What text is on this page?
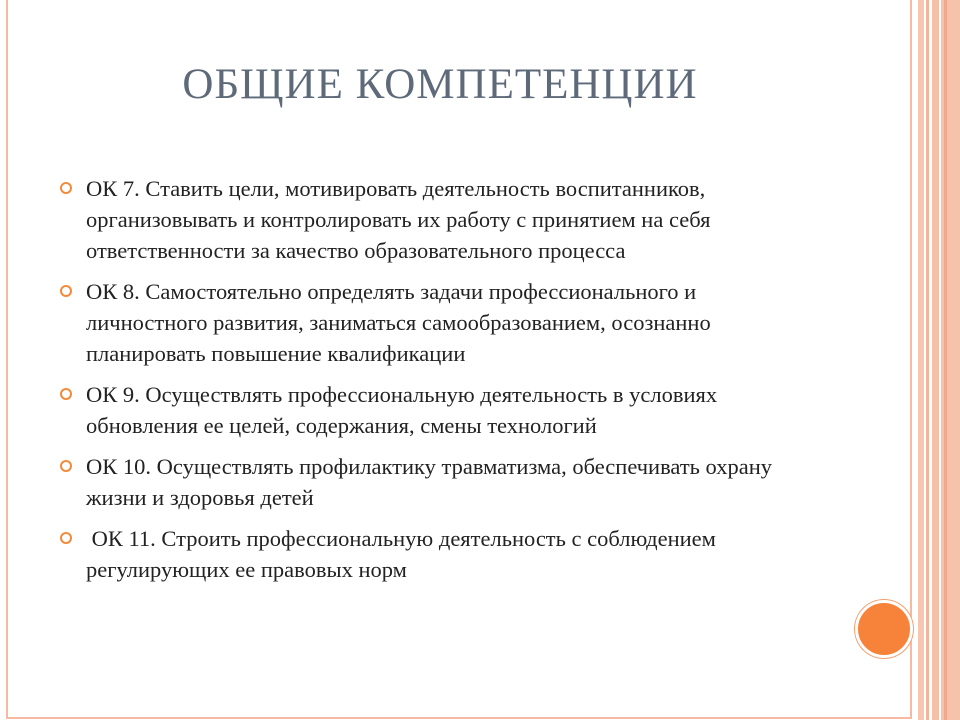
ОБЩИЕ КОМПЕТЕНЦИИ
ОК 7. Ставить цели, мотивировать деятельность воспитанников, организовывать и контролировать их работу с принятием на себя ответственности за качество образовательного процесса
ОК 8. Самостоятельно определять задачи профессионального и личностного развития, заниматься самообразованием, осознанно планировать повышение квалификации
ОК 9. Осуществлять профессиональную деятельность в условиях обновления ее целей, содержания, смены технологий
ОК 10. Осуществлять профилактику травматизма, обеспечивать охрану жизни и здоровья детей
ОК 11. Строить профессиональную деятельность с соблюдением регулирующих ее правовых норм
